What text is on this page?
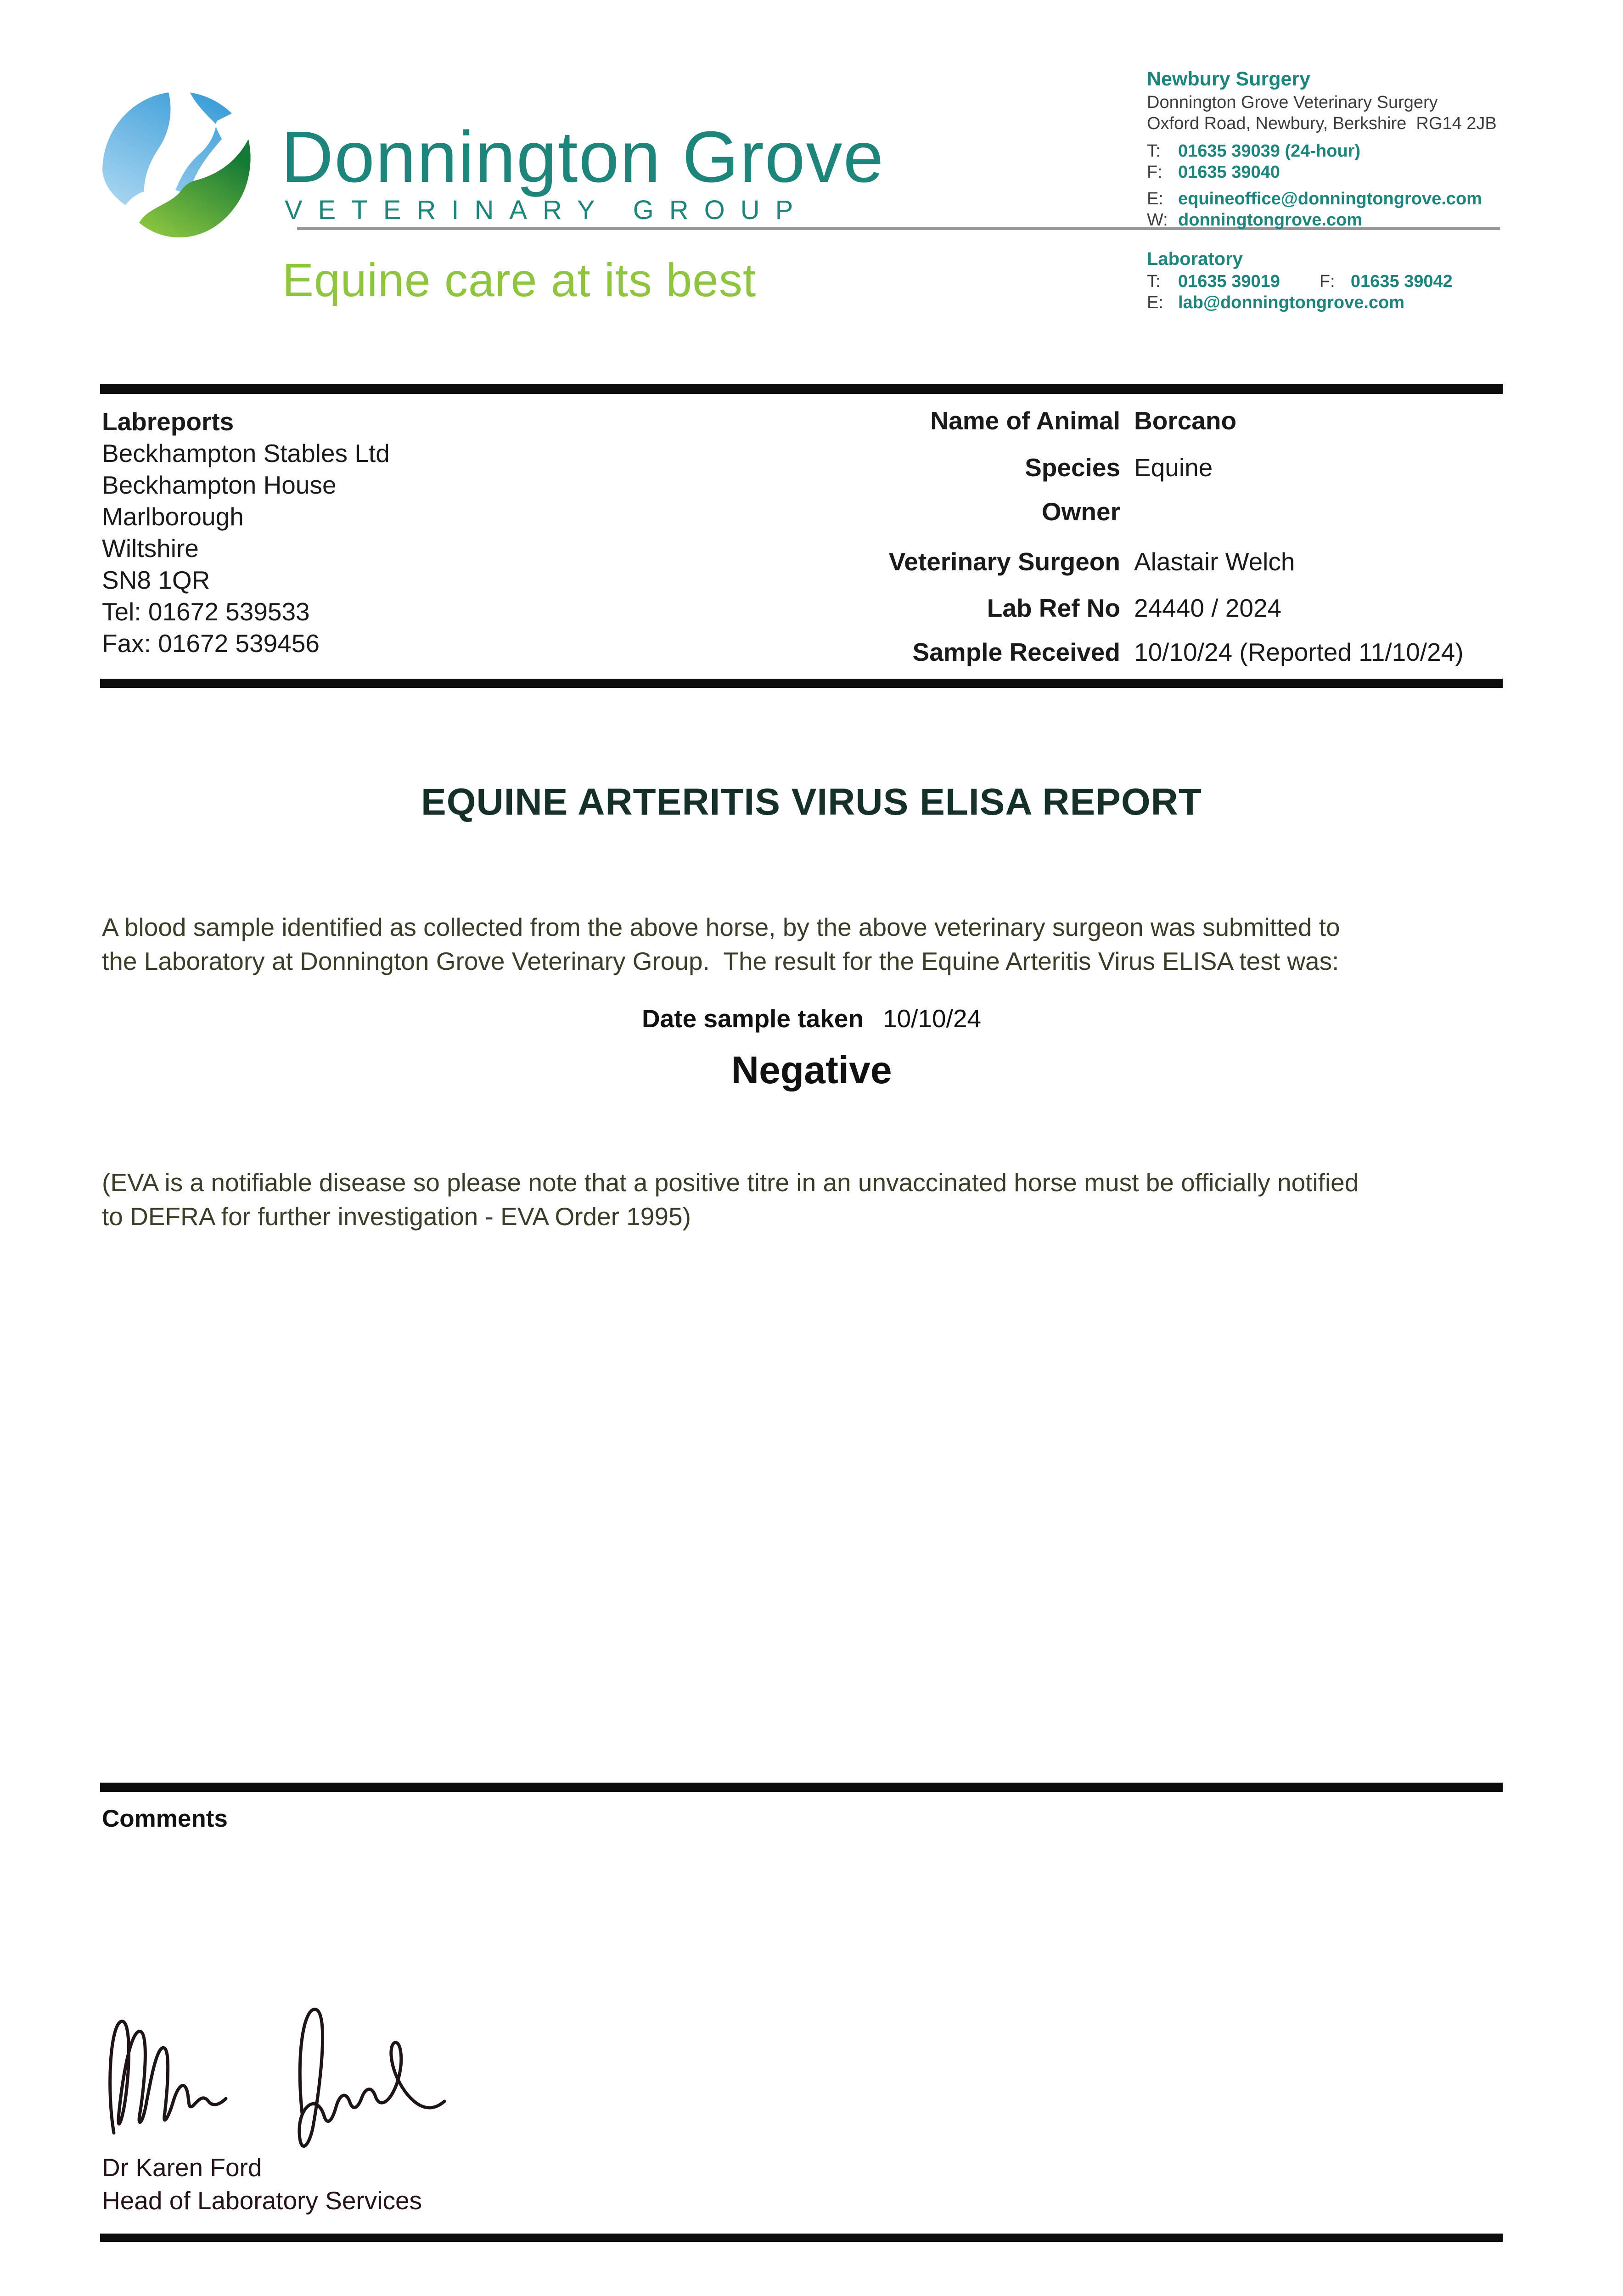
Donnington Grove
VETERINARY GROUP
Equine care at its best
Newbury Surgery
Donnington Grove Veterinary Surgery
Oxford Road, Newbury, Berkshire  RG14 2JB
T:	01635 39039 (24-hour)
F: 01635 39040
E: equineoffice@donningtongrove.com
W: donningtongrove.com
Laboratory
T:	01635 39019 F: 01635 39042
E: lab@donningtongrove.com
Labreports
Beckhampton Stables Ltd
Beckhampton House
Marlborough
Wiltshire
SN8 1QR
Tel: 01672 539533
Fax: 01672 539456
Name of Animal Borcano
Species Equine
Owner
Veterinary Surgeon Alastair Welch
Lab Ref No 24440 / 2024
Sample Received 10/10/24 (Reported 11/10/24)
EQUINE ARTERITIS VIRUS ELISA REPORT
A blood sample identified as collected from the above horse, by the above veterinary surgeon was submitted to
the Laboratory at Donnington Grove Veterinary Group.  The result for the Equine Arteritis Virus ELISA test was:
Date sample taken 10/10/24
Negative
(EVA is a notifiable disease so please note that a positive titre in an unvaccinated horse must be officially notified
to DEFRA for further investigation - EVA Order 1995)
Comments
Dr Karen Ford
Head of Laboratory Services
